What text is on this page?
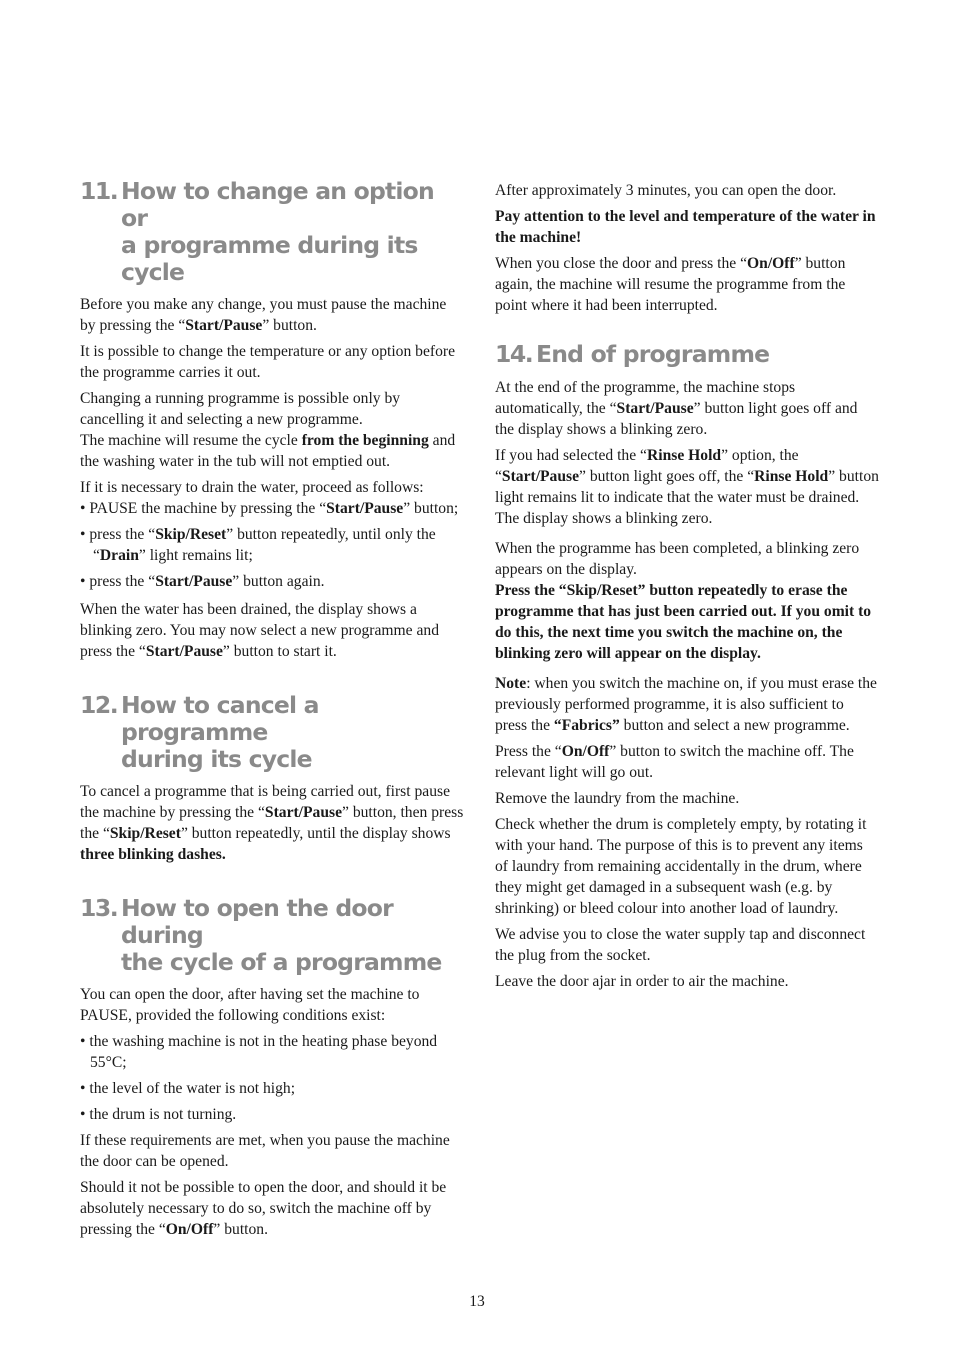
11. How to change an option or
a programme during its cycle

Before you make any change, you must pause the machine by pressing the “Start/Pause” button.

It is possible to change the temperature or any option before the programme carries it out.

Changing a running programme is possible only by cancelling it and selecting a new programme.
The machine will resume the cycle from the beginning and the washing water in the tub will not emptied out.

If it is necessary to drain the water, proceed as follows:

• PAUSE the machine by pressing the “Start/Pause” button;
• press the “Skip/Reset” button repeatedly, until only the “Drain” light remains lit;
• press the “Start/Pause” button again.

When the water has been drained, the display shows a blinking zero. You may now select a new programme and press the “Start/Pause” button to start it.

12. How to cancel a programme
during its cycle

To cancel a programme that is being carried out, first pause the machine by pressing the “Start/Pause” button, then press the “Skip/Reset” button repeatedly, until the display shows three blinking dashes.

13. How to open the door during
the cycle of a programme

You can open the door, after having set the machine to PAUSE, provided the following conditions exist:

• the washing machine is not in the heating phase beyond 55°C;
• the level of the water is not high;
• the drum is not turning.

If these requirements are met, when you pause the machine the door can be opened.

Should it not be possible to open the door, and should it be absolutely necessary to do so, switch the machine off by pressing the “On/Off” button.

After approximately 3 minutes, you can open the door.

Pay attention to the level and temperature of the water in the machine!

When you close the door and press the “On/Off” button again, the machine will resume the programme from the point where it had been interrupted.

14. End of programme

At the end of the programme, the machine stops automatically, the “Start/Pause” button light goes off and the display shows a blinking zero.

If you had selected the “Rinse Hold” option, the “Start/Pause” button light goes off, the “Rinse Hold” button light remains lit to indicate that the water must be drained. The display shows a blinking zero.

When the programme has been completed, a blinking zero appears on the display.
Press the “Skip/Reset” button repeatedly to erase the programme that has just been carried out. If you omit to do this, the next time you switch the machine on, the blinking zero will appear on the display.

Note: when you switch the machine on, if you must erase the previously performed programme, it is also sufficient to press the “Fabrics” button and select a new programme.

Press the “On/Off” button to switch the machine off. The relevant light will go out.

Remove the laundry from the machine.

Check whether the drum is completely empty, by rotating it with your hand. The purpose of this is to prevent any items of laundry from remaining accidentally in the drum, where they might get damaged in a subsequent wash (e.g. by shrinking) or bleed colour into another load of laundry.

We advise you to close the water supply tap and disconnect the plug from the socket.

Leave the door ajar in order to air the machine.

13
